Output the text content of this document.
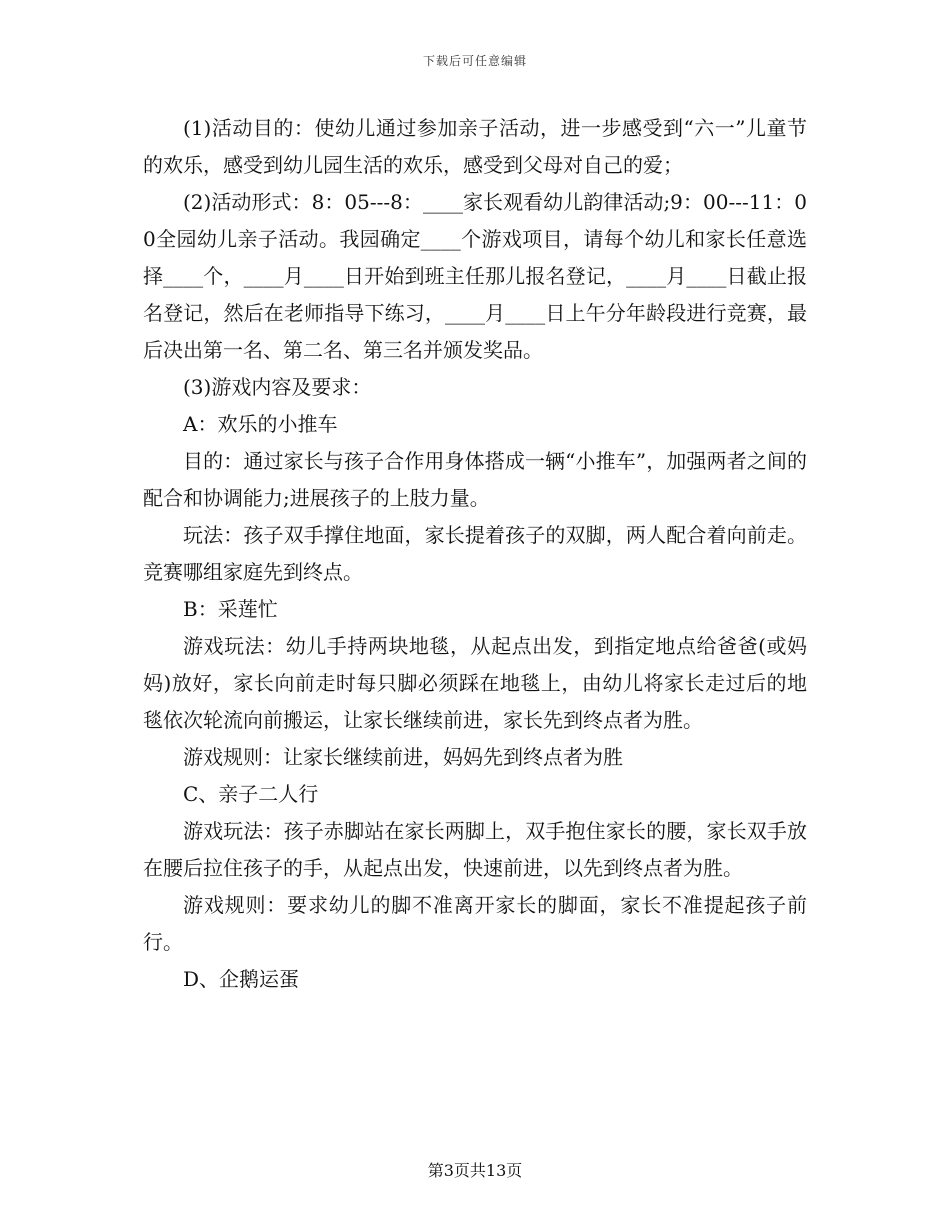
下载后可任意编辑

(1)活动目的：使幼儿通过参加亲子活动，进一步感受到“六一”儿童节的欢乐，感受到幼儿园生活的欢乐，感受到父母对自己的爱；

(2)活动形式：8：05---8：____家长观看幼儿韵律活动;9：00---11：00全园幼儿亲子活动。我园确定____个游戏项目，请每个幼儿和家长任意选择____个，____月____日开始到班主任那儿报名登记，____月____日截止报名登记，然后在老师指导下练习，____月____日上午分年龄段进行竞赛，最后决出第一名、第二名、第三名并颁发奖品。

(3)游戏内容及要求：

A：欢乐的小推车

目的：通过家长与孩子合作用身体搭成一辆“小推车”，加强两者之间的配合和协调能力;进展孩子的上肢力量。

玩法：孩子双手撑住地面，家长提着孩子的双脚，两人配合着向前走。竞赛哪组家庭先到终点。

B：采莲忙

游戏玩法：幼儿手持两块地毯，从起点出发，到指定地点给爸爸(或妈妈)放好，家长向前走时每只脚必须踩在地毯上，由幼儿将家长走过后的地毯依次轮流向前搬运，让家长继续前进，家长先到终点者为胜。

游戏规则：让家长继续前进，妈妈先到终点者为胜

C、亲子二人行

游戏玩法：孩子赤脚站在家长两脚上，双手抱住家长的腰，家长双手放在腰后拉住孩子的手，从起点出发，快速前进，以先到终点者为胜。

游戏规则：要求幼儿的脚不准离开家长的脚面，家长不准提起孩子前行。

D、企鹅运蛋

第3页共13页
